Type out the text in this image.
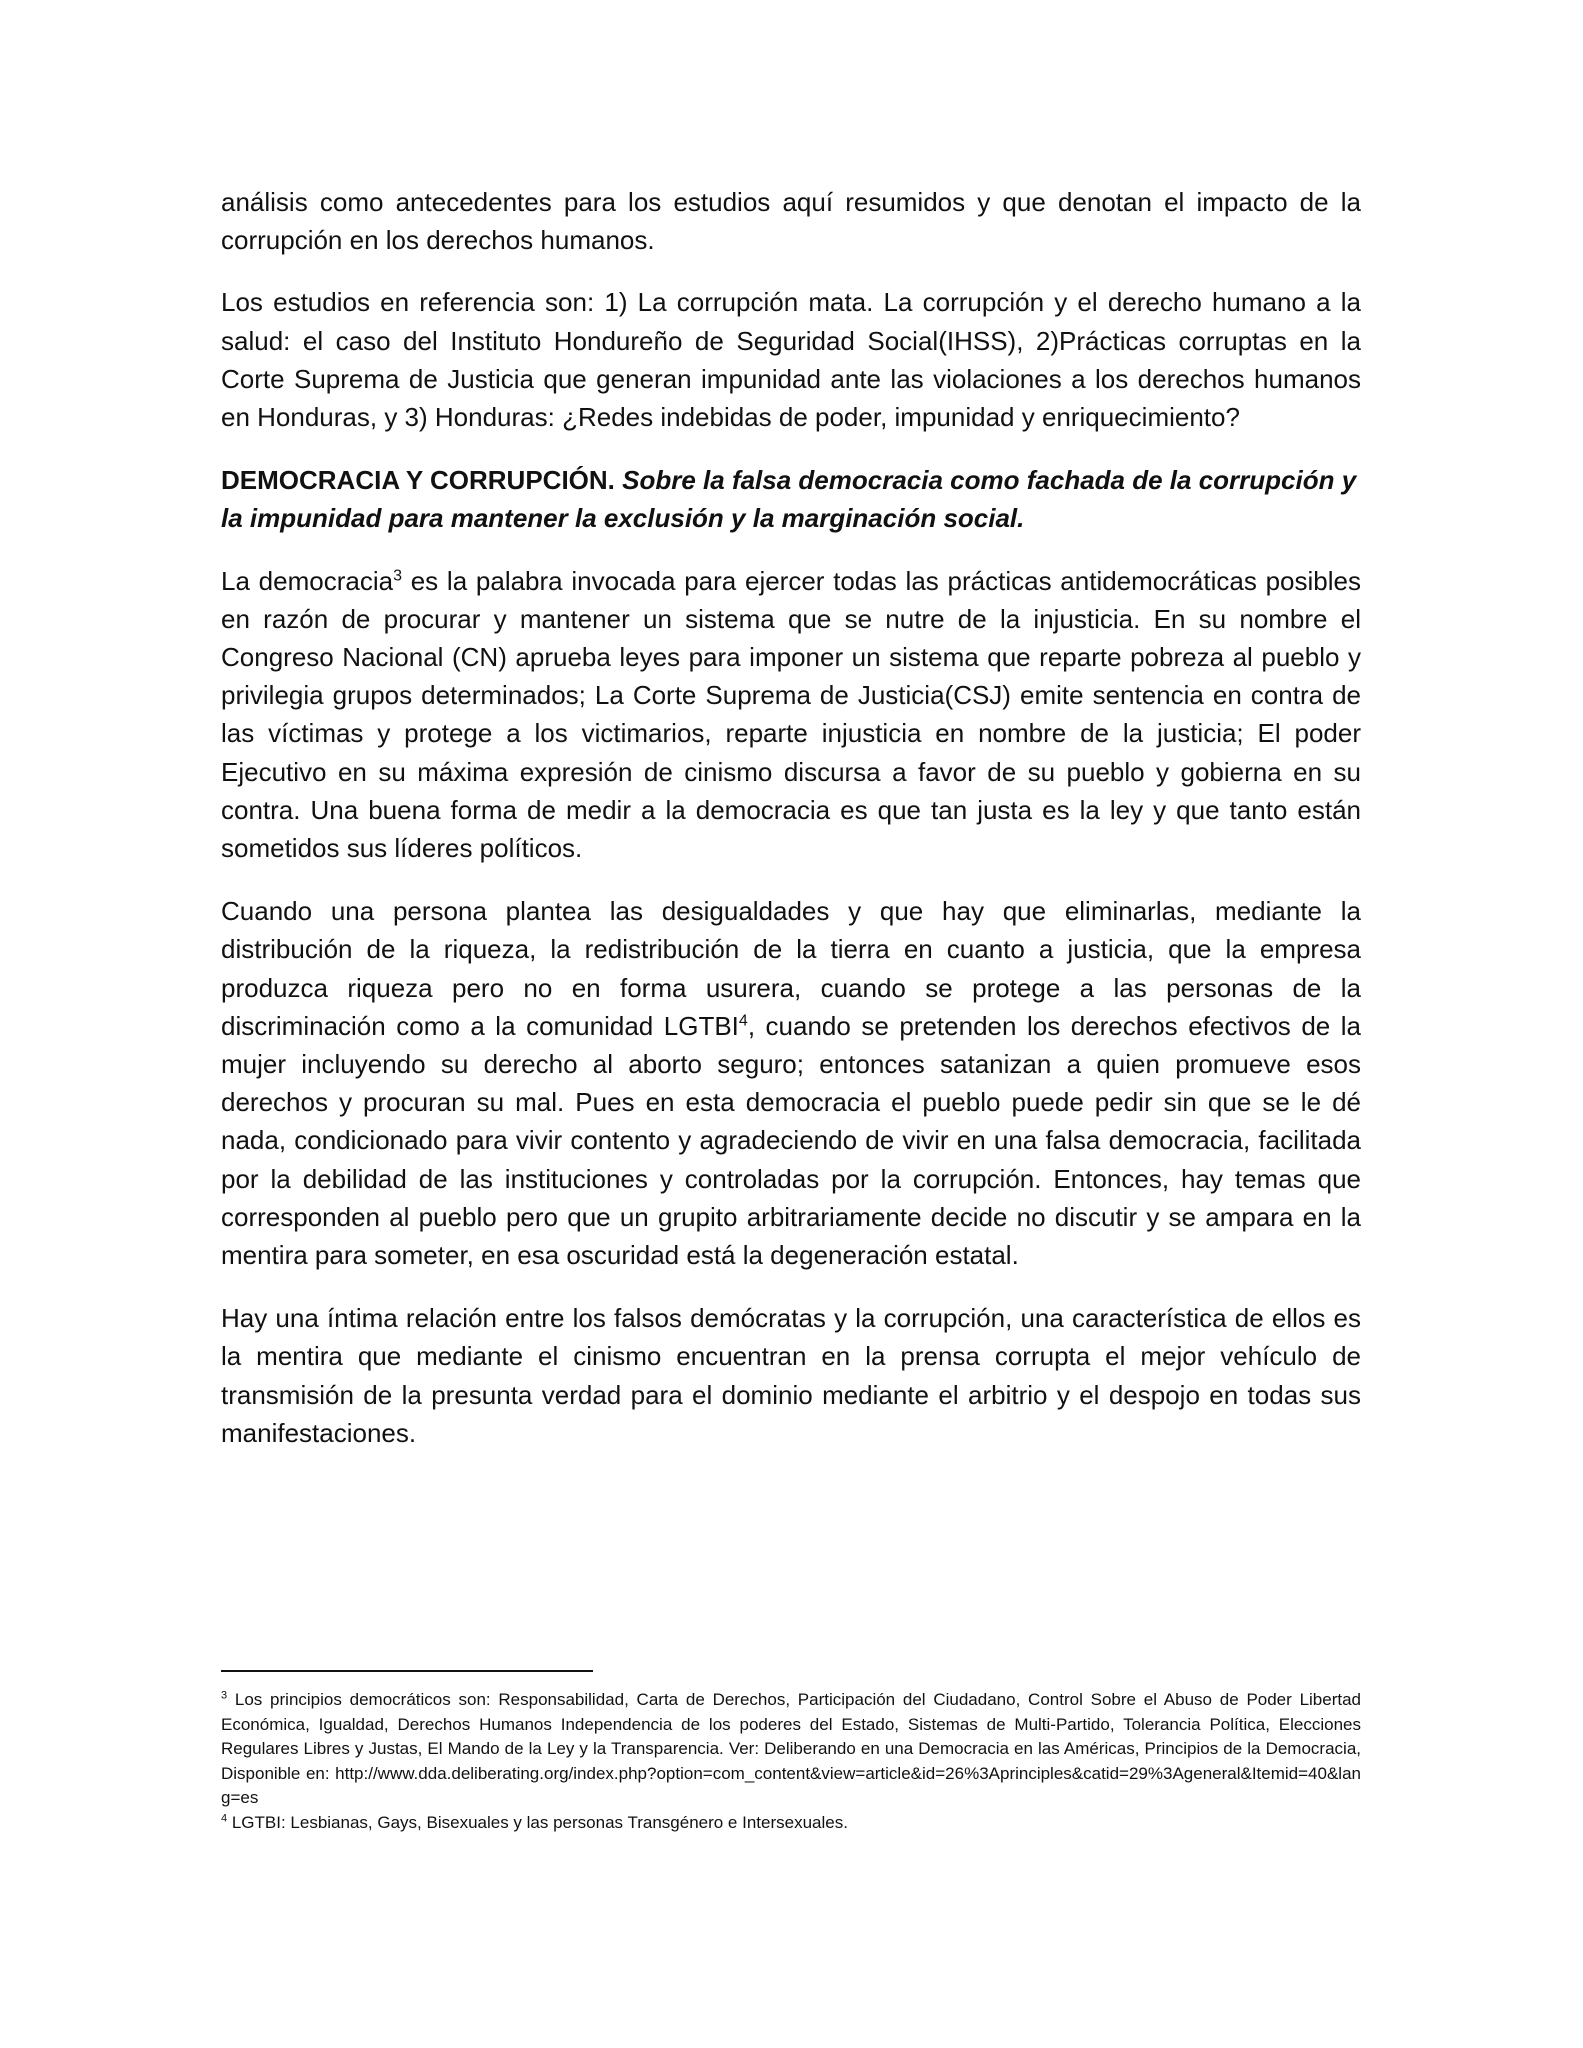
análisis como antecedentes para los estudios aquí resumidos y que denotan el impacto de la corrupción en los derechos humanos.

Los estudios en referencia son: 1) La corrupción mata. La corrupción y el derecho humano a la salud: el caso del Instituto Hondureño de Seguridad Social(IHSS), 2)Prácticas corruptas en la Corte Suprema de Justicia que generan impunidad ante las violaciones a los derechos humanos en Honduras, y 3) Honduras: ¿Redes indebidas de poder, impunidad y enriquecimiento?

DEMOCRACIA Y CORRUPCIÓN. Sobre la falsa democracia como fachada de la corrupción y la impunidad para mantener la exclusión y la marginación social.

La democracia$^3$ es la palabra invocada para ejercer todas las prácticas antidemocráticas posibles en razón de procurar y mantener un sistema que se nutre de la injusticia. En su nombre el Congreso Nacional (CN) aprueba leyes para imponer un sistema que reparte pobreza al pueblo y privilegia grupos determinados; La Corte Suprema de Justicia(CSJ) emite sentencia en contra de las víctimas y protege a los victimarios, reparte injusticia en nombre de la justicia; El poder Ejecutivo en su máxima expresión de cinismo discursa a favor de su pueblo y gobierna en su contra. Una buena forma de medir a la democracia es que tan justa es la ley y que tanto están sometidos sus líderes políticos.

Cuando una persona plantea las desigualdades y que hay que eliminarlas, mediante la distribución de la riqueza, la redistribución de la tierra en cuanto a justicia, que la empresa produzca riqueza pero no en forma usurera, cuando se protege a las personas de la discriminación como a la comunidad LGTBI$^4$, cuando se pretenden los derechos efectivos de la mujer incluyendo su derecho al aborto seguro; entonces satanizan a quien promueve esos derechos y procuran su mal. Pues en esta democracia el pueblo puede pedir sin que se le dé nada, condicionado para vivir contento y agradeciendo de vivir en una falsa democracia, facilitada por la debilidad de las instituciones y controladas por la corrupción. Entonces, hay temas que corresponden al pueblo pero que un grupito arbitrariamente decide no discutir y se ampara en la mentira para someter, en esa oscuridad está la degeneración estatal.

Hay una íntima relación entre los falsos demócratas y la corrupción, una característica de ellos es la mentira que mediante el cinismo encuentran en la prensa corrupta el mejor vehículo de transmisión de la presunta verdad para el dominio mediante el arbitrio y el despojo en todas sus manifestaciones.

$^3$ Los principios democráticos son: Responsabilidad, Carta de Derechos, Participación del Ciudadano, Control Sobre el Abuso de Poder Libertad Económica, Igualdad, Derechos Humanos Independencia de los poderes del Estado, Sistemas de Multi-Partido, Tolerancia Política, Elecciones Regulares Libres y Justas, El Mando de la Ley y la Transparencia. Ver: Deliberando en una Democracia en las Américas, Principios de la Democracia, Disponible en: http://www.dda.deliberating.org/index.php?option=com_content&view=article&id=26%3Aprinciples&catid=29%3Ageneral&Itemid=40&lang=es

$^4$ LGTBI: Lesbianas, Gays, Bisexuales y las personas Transgénero e Intersexuales.
